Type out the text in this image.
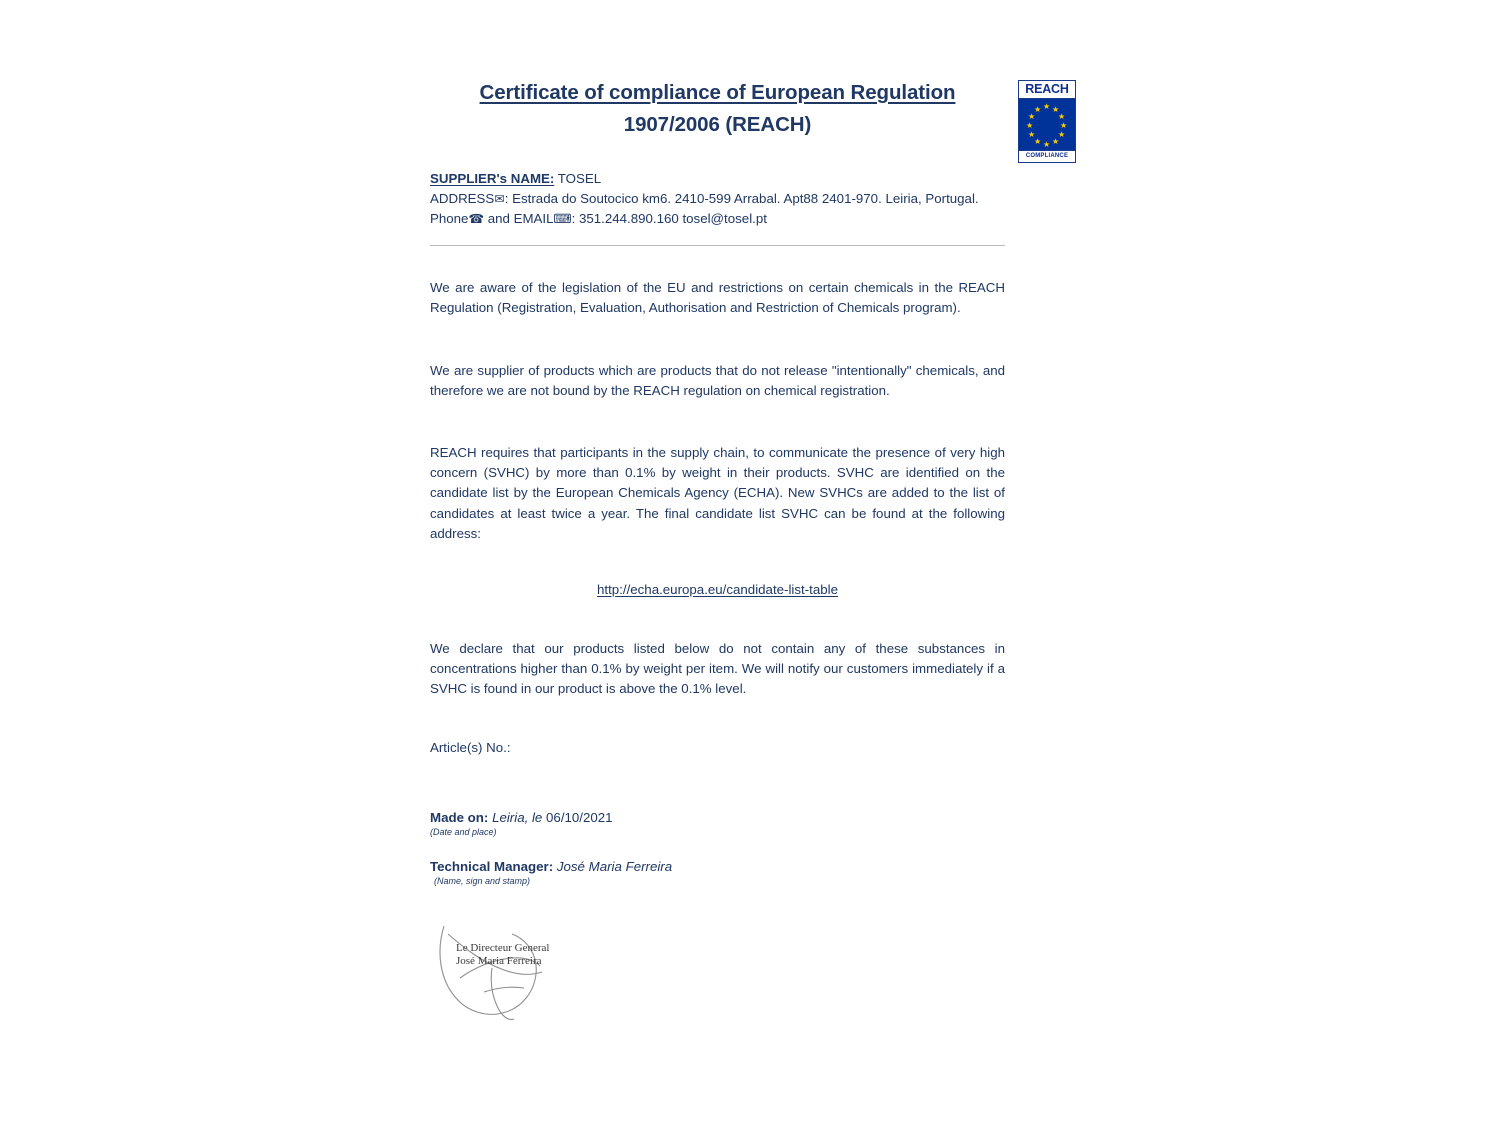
REACH
★ ★
★
★
★
★
★
★
★
★
★
★
COMPLIANCE
Certificate of compliance of European Regulation
1907/2006 (REACH)
SUPPLIER's NAME: TOSEL
ADDRESS✉: Estrada do Soutocico km6. 2410-599 Arrabal. Apt88 2401-970. Leiria, Portugal.
Phone☎ and EMAIL⌨: 351.244.890.160 tosel@tosel.pt
We are aware of the legislation of the EU and restrictions on certain chemicals in the REACH Regulation (Registration, Evaluation, Authorisation and Restriction of Chemicals program).
We are supplier of products which are products that do not release "intentionally" chemicals, and therefore we are not bound by the REACH regulation on chemical registration.
REACH requires that participants in the supply chain, to communicate the presence of very high concern (SVHC) by more than 0.1% by weight in their products. SVHC are identified on the candidate list by the European Chemicals Agency (ECHA). New SVHCs are added to the list of candidates at least twice a year. The final candidate list SVHC can be found at the following address:
http://echa.europa.eu/candidate-list-table
We declare that our products listed below do not contain any of these substances in concentrations higher than 0.1% by weight per item. We will notify our customers immediately if a SVHC is found in our product is above the 0.1% level.
Article(s) No.:
Made on: Leiria, le 06/10/2021
(Date and place)
Technical Manager: José Maria Ferreira
(Name, sign and stamp)
Le Directeur General
José Maria Ferreira
